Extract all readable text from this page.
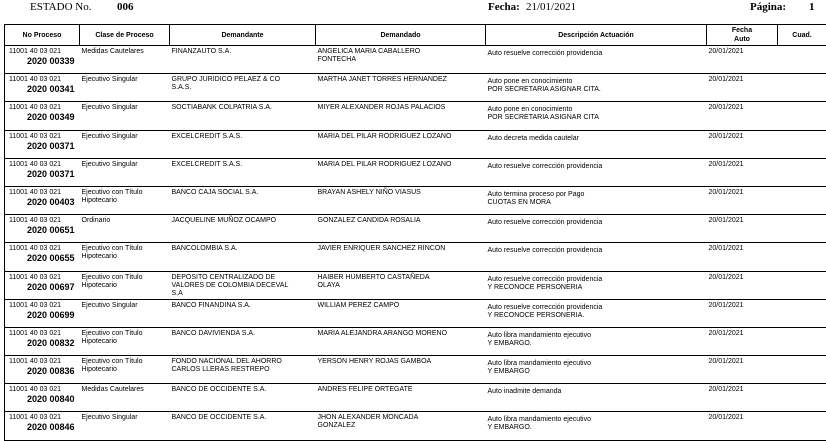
ESTADO No. 006	Fecha: 21/01/2021	Página: 1
No Proceso	Clase de Proceso	Demandante	Demandado	Descripción Actuación	Fecha
Auto	Cuad.

11001 40 03 021
2020 00339	Medidas Cautelares	FINANZAUTO S.A.	ANGELICA MARIA CABALLERO
FONTECHA	Auto resuelve corrección providencia	20/01/2021	

11001 40 03 021
2020 00341	Ejecutivo Singular	GRUPO JURIDICO PELAEZ & CO
S.A.S.	MARTHA JANET TORRES HERNANDEZ	Auto pone en conocimiento
POR SECRETARIA ASIGNAR CITA.	20/01/2021	

11001 40 03 021
2020 00349	Ejecutivo Singular	SOCTIABANK COLPATRIA S.A.	MIYER ALEXANDER ROJAS PALACIOS	Auto pone en conocimiento
POR SECRETARIA ASIGNAR CITA	20/01/2021	

11001 40 03 021
2020 00371	Ejecutivo Singular	EXCELCREDIT S.A.S.	MARIA DEL PILAR RODRIGUEZ LOZANO	Auto decreta medida cautelar	20/01/2021	

11001 40 03 021
2020 00371	Ejecutivo Singular	EXCELCREDIT S.A.S.	MARIA DEL PILAR RODRIGUEZ LOZANO	Auto resuelve corrección providencia	20/01/2021	

11001 40 03 021
2020 00403	Ejecutivo con Título
Hipotecario	BANCO CAJA SOCIAL S.A.	BRAYAN ASHELY NIÑO VIASUS	Auto termina proceso por Pago
CUOTAS EN MORA	20/01/2021	

11001 40 03 021
2020 00651	Ordinario	JACQUELINE MUÑOZ OCAMPO	GONZALEZ CANDIDA ROSALIA	Auto resuelve corrección providencia	20/01/2021	

11001 40 03 021
2020 00655	Ejecutivo con Título
Hipotecario	BANCOLOMBIA S.A.	JAVIER ENRIQUER SANCHEZ RINCON	Auto resuelve corrección providencia	20/01/2021	

11001 40 03 021
2020 00697	Ejecutivo con Título
Hipotecario	DEPOSITO CENTRALIZADO DE
VALORES DE COLOMBIA DECEVAL
S.A	HAIBER HUMBERTO CASTAÑEDA
OLAYA	Auto resuelve corrección providencia
Y RECONOCE PERSONERIA	20/01/2021	

11001 40 03 021
2020 00699	Ejecutivo Singular	BANCO FINANDINA S.A.	WILLIAM PEREZ CAMPO	Auto resuelve corrección providencia
Y RECONOCE PERSONERIA.	20/01/2021	

11001 40 03 021
2020 00832	Ejecutivo con Título
Hipotecario	BANCO DAVIVIENDA S.A.	MARIA ALEJANDRA ARANGO MORENO	Auto libra mandamiento ejecutivo
Y EMBARGO.	20/01/2021	

11001 40 03 021
2020 00836	Ejecutivo con Título
Hipotecario	FONDO NACIONAL DEL AHORRO
CARLOS LLERAS RESTREPO	YERSON HENRY ROJAS GAMBOA	Auto libra mandamiento ejecutivo
Y EMBARGO	20/01/2021	

11001 40 03 021
2020 00840	Medidas Cautelares	BANCO DE OCCIDENTE S.A.	ANDRES FELIPE ORTEGATE	Auto inadmite demanda	20/01/2021	

11001 40 03 021
2020 00846	Ejecutivo Singular	BANCO DE OCCIDENTE S.A.	JHON ALEXANDER MONCADA
GONZALEZ	Auto libra mandamiento ejecutivo
Y EMBARGO.	20/01/2021	
